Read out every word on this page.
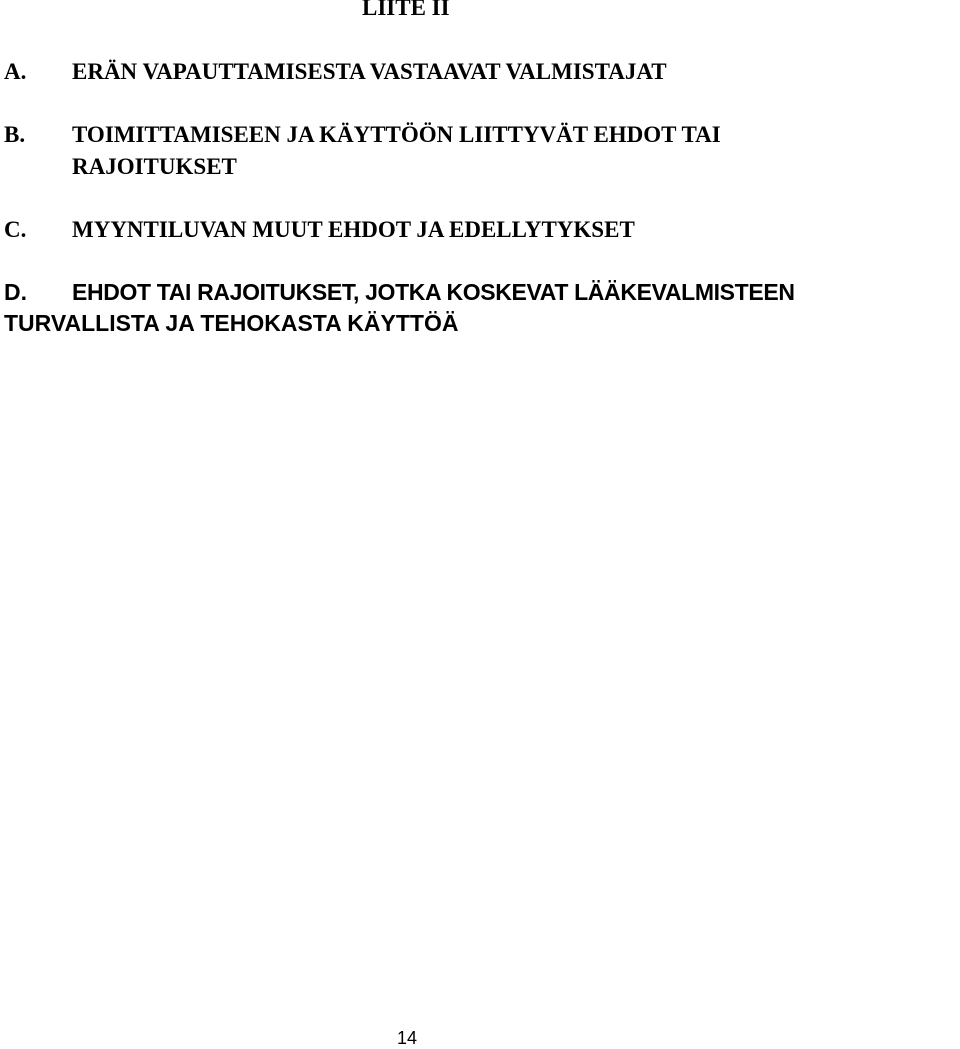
LIITE II
A. ERÄN VAPAUTTAMISESTA VASTAAVAT VALMISTAJAT
B. TOIMITTAMISEEN JA KÄYTTÖÖN LIITTYVÄT EHDOT TAI
RAJOITUKSET
C. MYYNTILUVAN MUUT EHDOT JA EDELLYTYKSET
D. EHDOT TAI RAJOITUKSET, JOTKA KOSKEVAT LÄÄKEVALMISTEEN
TURVALLISTA JA TEHOKASTA KÄYTTÖÄ
14
